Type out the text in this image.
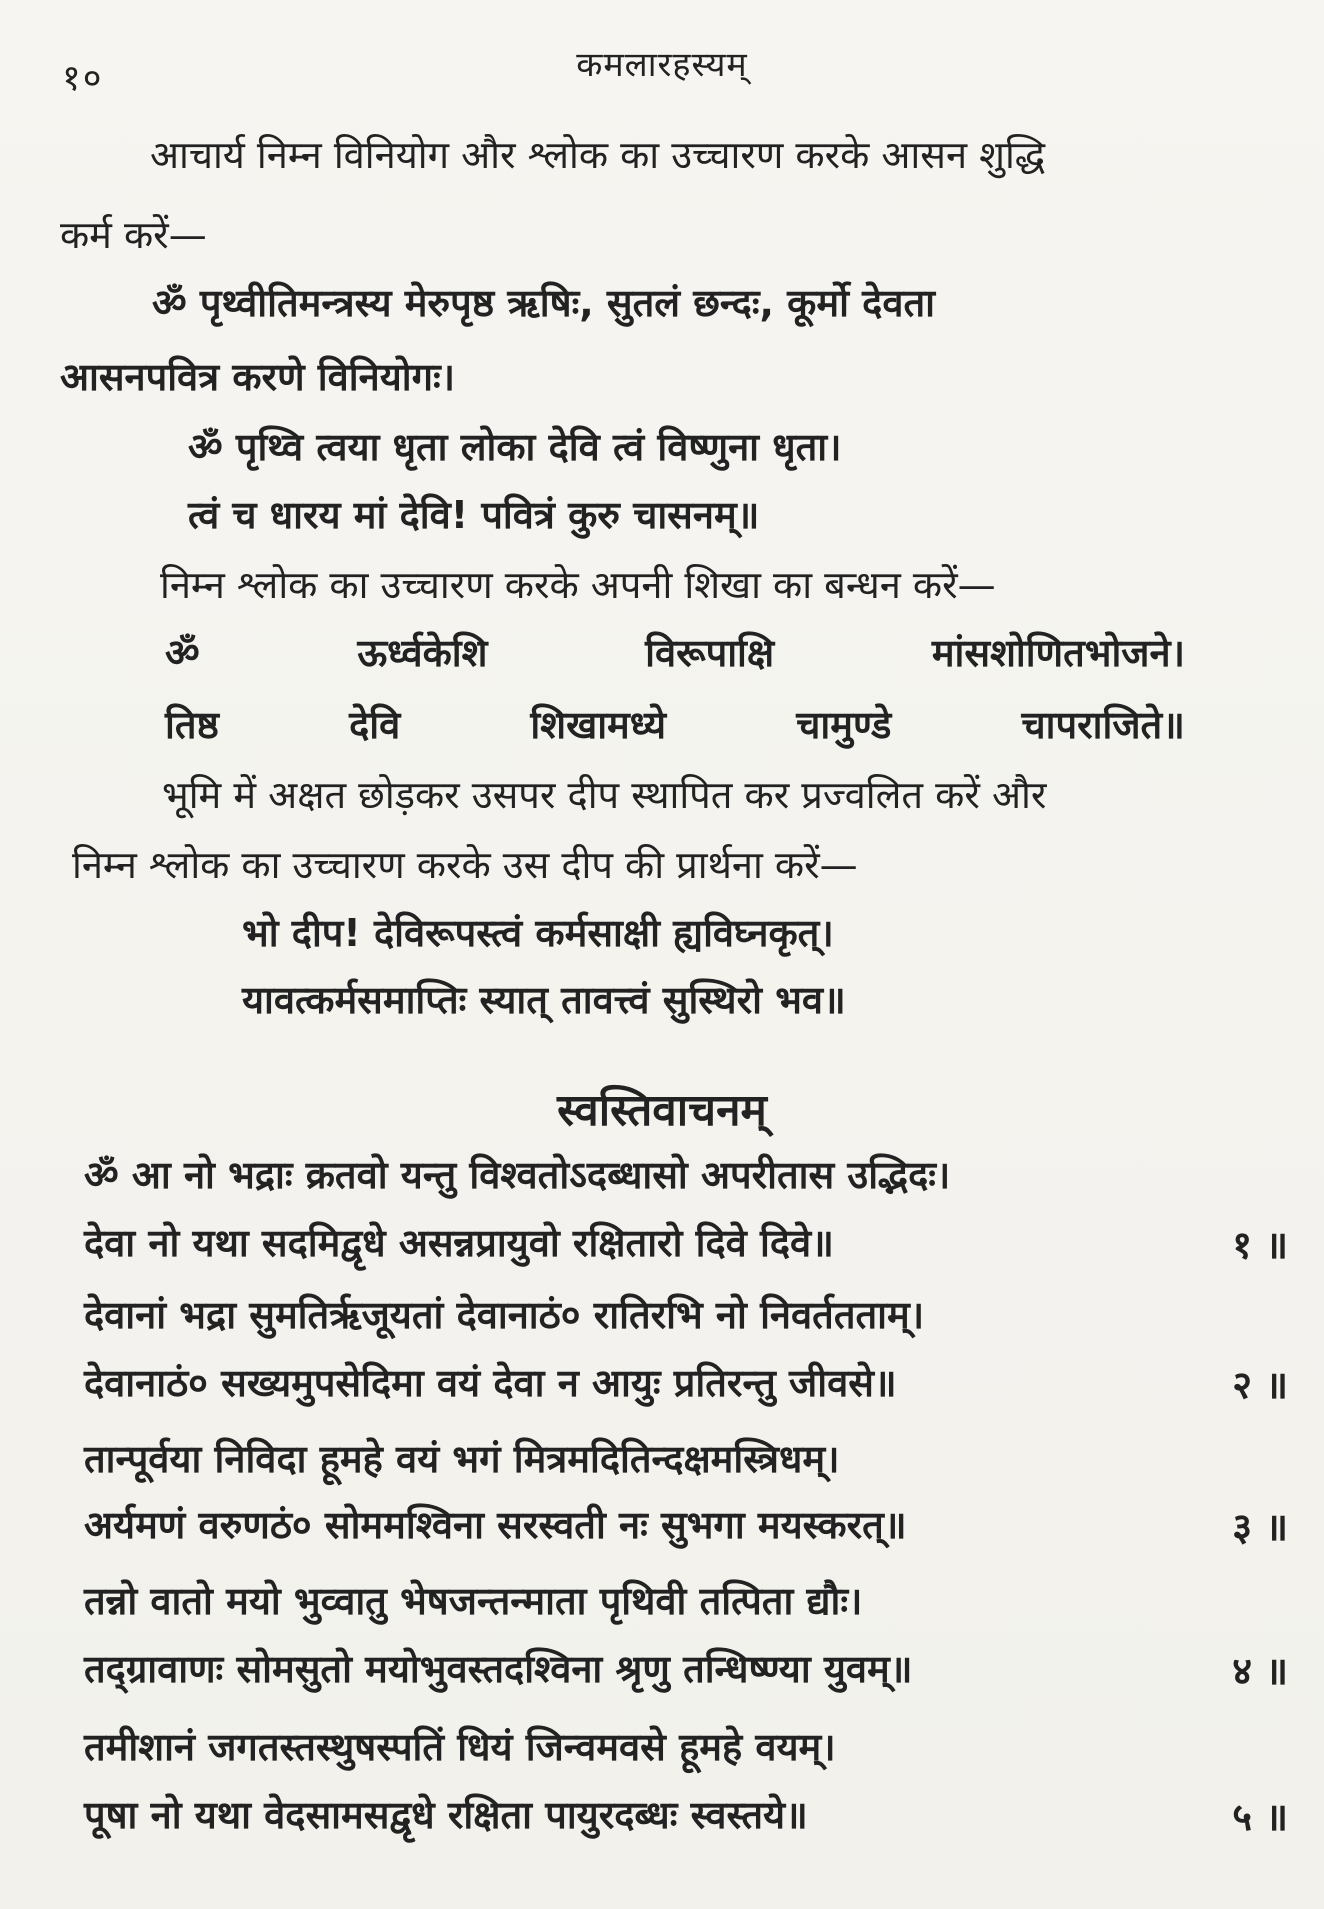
१०	कमलारहस्यम्
आचार्य निम्न विनियोग और श्लोक का उच्चारण करके आसन शुद्धि
कर्म करें—
ॐ पृथ्वीतिमन्त्रस्य मेरुपृष्ठ ऋषिः, सुतलं छन्दः, कूर्मो देवता
आसनपवित्र करणे विनियोगः।
ॐ पृथ्वि त्वया धृता लोका देवि त्वं विष्णुना धृता।
त्वं च धारय मां देवि! पवित्रं कुरु चासनम्॥
निम्न श्लोक का उच्चारण करके अपनी शिखा का बन्धन करें—
ॐ	ऊर्ध्वकेशि	विरूपाक्षि	मांसशोणितभोजने।
तिष्ठ	देवि	शिखामध्ये	चामुण्डे	चापराजिते॥
भूमि में अक्षत छोड़कर उसपर दीप स्थापित कर प्रज्वलित करें और
निम्न श्लोक का उच्चारण करके उस दीप की प्रार्थना करें—
भो दीप! देविरूपस्त्वं कर्मसाक्षी ह्यविघ्नकृत्।
यावत्कर्मसमाप्तिः स्यात् तावत्त्वं सुस्थिरो भव॥
स्वस्तिवाचनम्
ॐ आ नो भद्राः क्रतवो यन्तु विश्वतोऽदब्धासो अपरीतास उद्भिदः।
देवा नो यथा सदमिद्वृधे असन्नप्रायुवो रक्षितारो दिवे दिवे॥	१ ॥
देवानां भद्रा सुमतिर्ऋजूयतां देवानाठं० रातिरभि नो निवर्ततताम्।
देवानाठं० सख्यमुपसेदिमा वयं देवा न आयुः प्रतिरन्तु जीवसे॥	२ ॥
तान्पूर्वया निविदा हूमहे वयं भगं मित्रमदितिन्दक्षमस्त्रिधम्।
अर्यमणं वरुणठं० सोममश्विना सरस्वती नः सुभगा मयस्करत्॥	३ ॥
तन्नो वातो मयो भुव्वातु भेषजन्तन्माता पृथिवी तत्पिता द्यौः।
तद्ग्रावाणः सोमसुतो मयोभुवस्तदश्विना श्रृणु तन्धिष्ण्या युवम्॥	४ ॥
तमीशानं जगतस्तस्थुषस्पतिं धियं जिन्वमवसे हूमहे वयम्।
पूषा नो यथा वेदसामसद्वृधे रक्षिता पायुरदब्धः स्वस्तये॥	५ ॥
